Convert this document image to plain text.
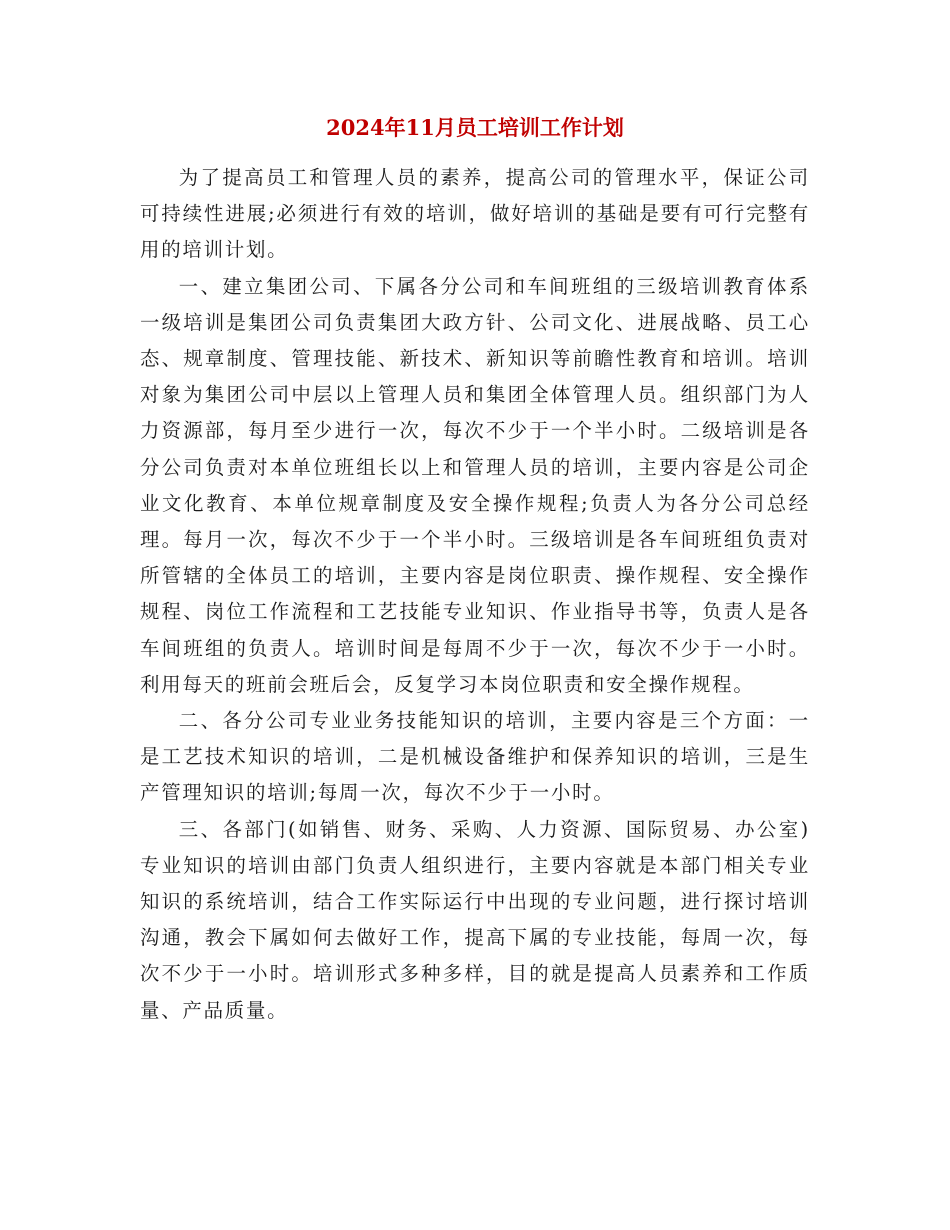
2024年11月员工培训工作计划

为了提高员工和管理人员的素养，提高公司的管理水平，保证公司可持续性进展;必须进行有效的培训，做好培训的基础是要有可行完整有用的培训计划。

一、建立集团公司、下属各分公司和车间班组的三级培训教育体系一级培训是集团公司负责集团大政方针、公司文化、进展战略、员工心态、规章制度、管理技能、新技术、新知识等前瞻性教育和培训。培训对象为集团公司中层以上管理人员和集团全体管理人员。组织部门为人力资源部，每月至少进行一次，每次不少于一个半小时。二级培训是各分公司负责对本单位班组长以上和管理人员的培训，主要内容是公司企业文化教育、本单位规章制度及安全操作规程;负责人为各分公司总经理。每月一次，每次不少于一个半小时。三级培训是各车间班组负责对所管辖的全体员工的培训，主要内容是岗位职责、操作规程、安全操作规程、岗位工作流程和工艺技能专业知识、作业指导书等，负责人是各车间班组的负责人。培训时间是每周不少于一次，每次不少于一小时。利用每天的班前会班后会，反复学习本岗位职责和安全操作规程。

二、各分公司专业业务技能知识的培训，主要内容是三个方面：一是工艺技术知识的培训，二是机械设备维护和保养知识的培训，三是生产管理知识的培训;每周一次，每次不少于一小时。

三、各部门(如销售、财务、采购、人力资源、国际贸易、办公室)专业知识的培训由部门负责人组织进行，主要内容就是本部门相关专业知识的系统培训，结合工作实际运行中出现的专业问题，进行探讨培训沟通，教会下属如何去做好工作，提高下属的专业技能，每周一次，每次不少于一小时。培训形式多种多样，目的就是提高人员素养和工作质量、产品质量。
